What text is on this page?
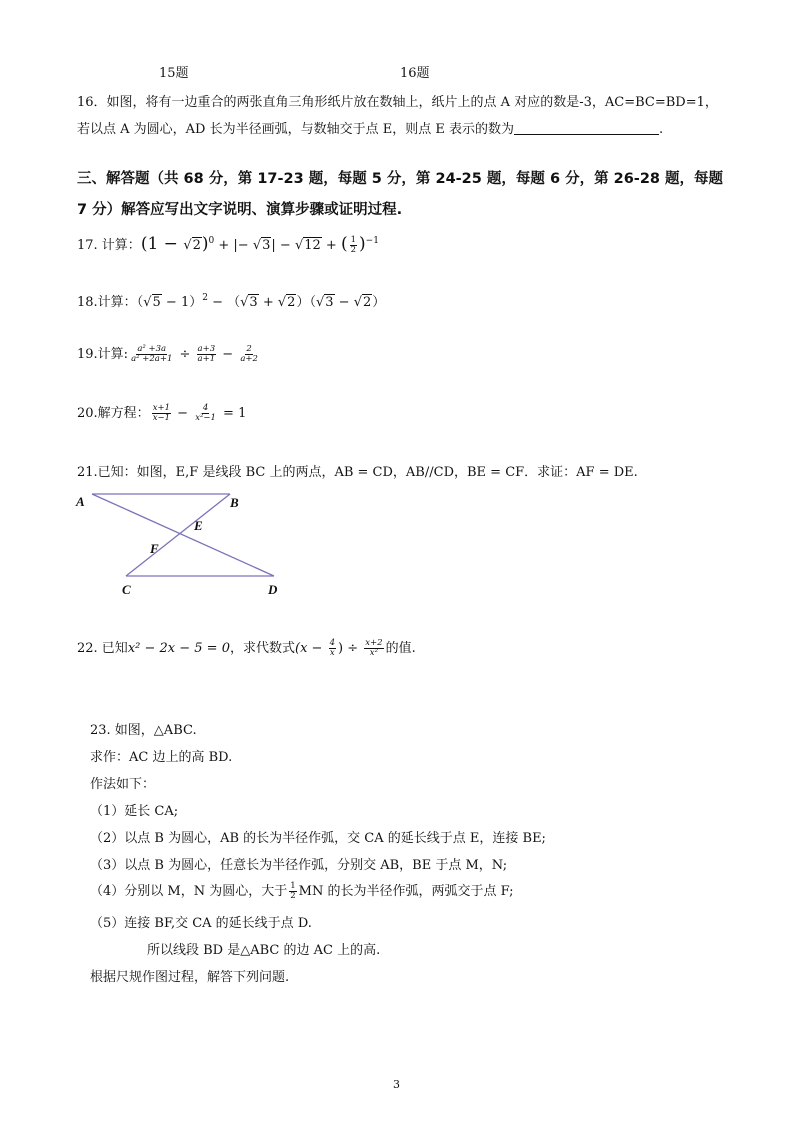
15题	16题
16．如图，将有一边重合的两张直角三角形纸片放在数轴上，纸片上的点 A 对应的数是-3，AC=BC=BD=1，
若以点 A 为圆心，AD 长为半径画弧，与数轴交于点 E，则点 E 表示的数为	.
三、解答题（共 68 分，第 17-23 题，每题 5 分，第 24-25 题，每题 6 分，第 26-28 题，每题
7 分）解答应写出文字说明、演算步骤或证明过程.
17. 计算：$(1 - √2)^0$ + |− √3| − √12 + ( $\frac{1}{2} )^{-1}$
18.计算：$(√5 - 1)^2 - (√3 + √2)(√3 - √2)$
19.计算: $\frac{\text{a² +3a}}{\text{a² +2a+1}} \div \frac{a+3}{a+1} - \frac{2}{a+2}$
20.解方程： $\frac{x+1}{x-1} - \frac{4}{\text{x²−1}} = 1$
21.已知：如图，E,F 是线段 BC 上的两点，AB = CD，AB//CD，BE = CF．求证：AF = DE.
A	B
E
F
C	D
22. 已知x² − 2x − 5 = 0，求代数式($x - \frac{4}{x}$ ) ÷ $\frac{x+2}{\text{x²}}$ 的值.
23. 如图，△ABC.
求作：AC 边上的高 BD.
作法如下：
（1）延长 CA;
（2）以点 B 为圆心，AB 的长为半径作弧，交 CA 的延长线于点 E，连接 BE;
（3）以点 B 为圆心，任意长为半径作弧，分别交 AB，BE 于点 M，N;
（4）分别以 M，N 为圆心，大于 $\frac{1}{2}$ MN 的长为半径作弧，两弧交于点 F;
（5）连接 BF,交 CA 的延长线于点 D.
所以线段 BD 是△ABC 的边 AC 上的高.
根据尺规作图过程，解答下列问题.
3
